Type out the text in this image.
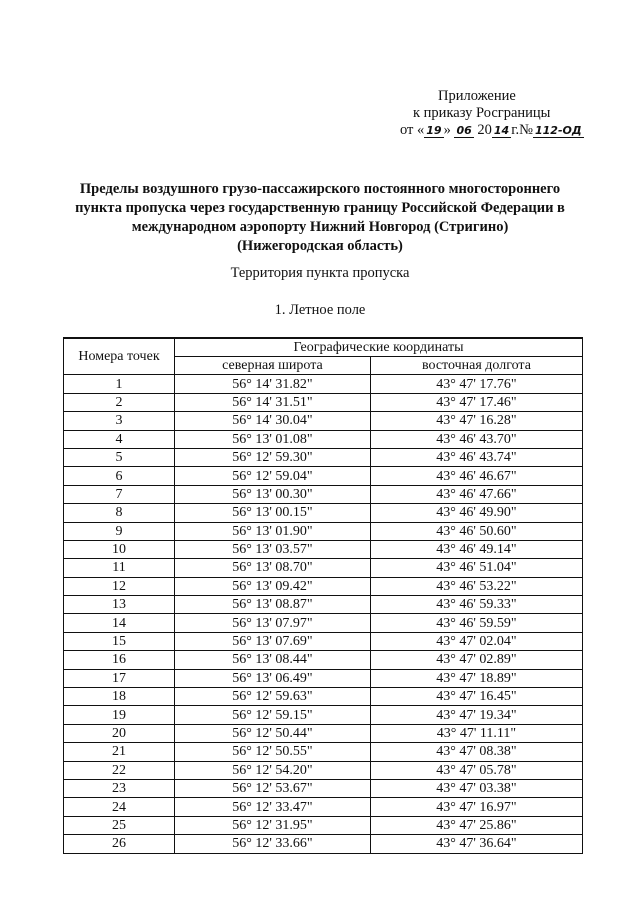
Приложение
к приказу Росграницы
от « 19 » 06 20 14 г.№ 112-ОД
Пределы воздушного грузо-пассажирского постоянного многостороннего
пункта пропуска через государственную границу Российской Федерации в
международном аэропорту Нижний Новгород (Стригино)
(Нижегородская область)
Территория пункта пропуска
1. Летное поле
Номера точек	Географические координаты	
	северная широта	восточная долгота
1	56° 14' 31.82"	43° 47' 17.76"
2	56° 14' 31.51"	43° 47' 17.46"
3	56° 14' 30.04"	43° 47' 16.28"
4	56° 13' 01.08"	43° 46' 43.70"
5	56° 12' 59.30"	43° 46' 43.74"
6	56° 12' 59.04"	43° 46' 46.67"
7	56° 13' 00.30"	43° 46' 47.66"
8	56° 13' 00.15"	43° 46' 49.90"
9	56° 13' 01.90"	43° 46' 50.60"
10	56° 13' 03.57"	43° 46' 49.14"
11	56° 13' 08.70"	43° 46' 51.04"
12	56° 13' 09.42"	43° 46' 53.22"
13	56° 13' 08.87"	43° 46' 59.33"
14	56° 13' 07.97"	43° 46' 59.59"
15	56° 13' 07.69"	43° 47' 02.04"
16	56° 13' 08.44"	43° 47' 02.89"
17	56° 13' 06.49"	43° 47' 18.89"
18	56° 12' 59.63"	43° 47' 16.45"
19	56° 12' 59.15"	43° 47' 19.34"
20	56° 12' 50.44"	43° 47' 11.11"
21	56° 12' 50.55"	43° 47' 08.38"
22	56° 12' 54.20"	43° 47' 05.78"
23	56° 12' 53.67"	43° 47' 03.38"
24	56° 12' 33.47"	43° 47' 16.97"
25	56° 12' 31.95"	43° 47' 25.86"
26	56° 12' 33.66"	43° 47' 36.64"
